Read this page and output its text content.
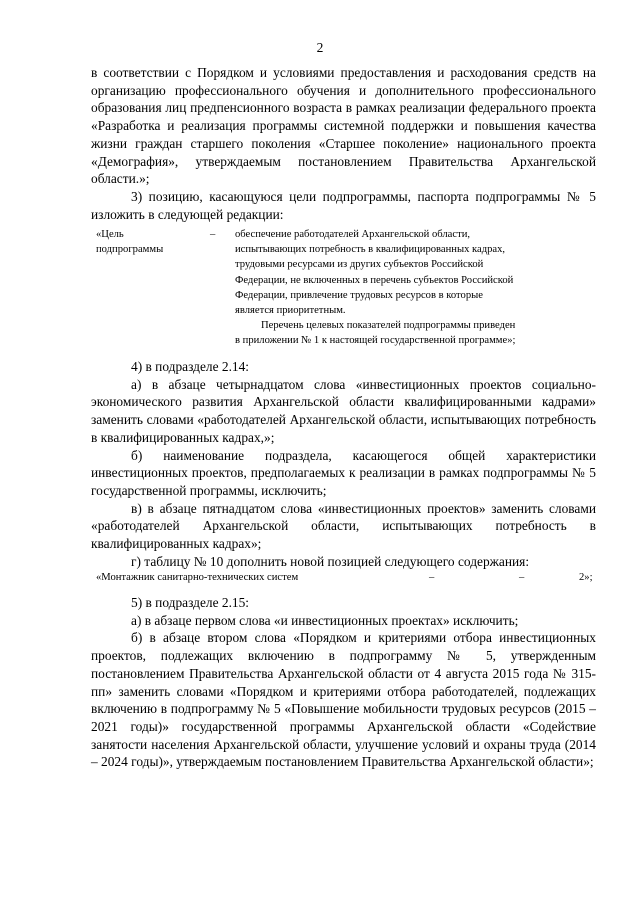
2

в соответствии с Порядком и условиями предоставления и расходования средств на организацию профессионального обучения и дополнительного профессионального образования лиц предпенсионного возраста в рамках реализации федерального проекта «Разработка и реализация программы системной поддержки и повышения качества жизни граждан старшего поколения «Старшее поколение» национального проекта «Демография», утверждаемым постановлением Правительства Архангельской области.»;

3) позицию, касающуюся цели подпрограммы, паспорта подпрограммы № 5 изложить в следующей редакции:

«Цель
подпрограммы
– обеспечение работодателей Архангельской области,

испытывающих потребность в квалифицированных кадрах,

трудовыми ресурсами из других субъектов Российской

Федерации, не включенных в перечень субъектов Российской

Федерации, привлечение трудовых ресурсов в которые

является приоритетным.

Перечень целевых показателей подпрограммы приведен

в приложении № 1 к настоящей государственной программе»;

4) в подразделе 2.14:

а) в абзаце четырнадцатом слова «инвестиционных проектов социально-экономического развития Архангельской области квалифицированными кадрами» заменить словами «работодателей Архангельской области, испытывающих потребность в квалифицированных кадрах,»;

б) наименование подраздела, касающегося общей характеристики инвестиционных проектов, предполагаемых к реализации в рамках подпрограммы № 5 государственной программы, исключить;

в) в абзаце пятнадцатом слова «инвестиционных проектов» заменить словами «работодателей Архангельской области, испытывающих потребность в квалифицированных кадрах»;

г) таблицу № 10 дополнить новой позицией следующего содержания:

«Монтажник санитарно-технических систем	–	–	2»;

5) в подразделе 2.15:

а) в абзаце первом слова «и инвестиционных проектах» исключить;

б) в абзаце втором слова «Порядком и критериями отбора инвестиционных проектов, подлежащих включению в подпрограмму № 5, утвержденным постановлением Правительства Архангельской области от 4 августа 2015 года № 315-пп» заменить словами «Порядком и критериями отбора работодателей, подлежащих включению в подпрограмму № 5 «Повышение мобильности трудовых ресурсов (2015 – 2021 годы)» государственной программы Архангельской области «Содействие занятости населения Архангельской области, улучшение условий и охраны труда (2014 – 2024 годы)», утверждаемым постановлением Правительства Архангельской области»;
